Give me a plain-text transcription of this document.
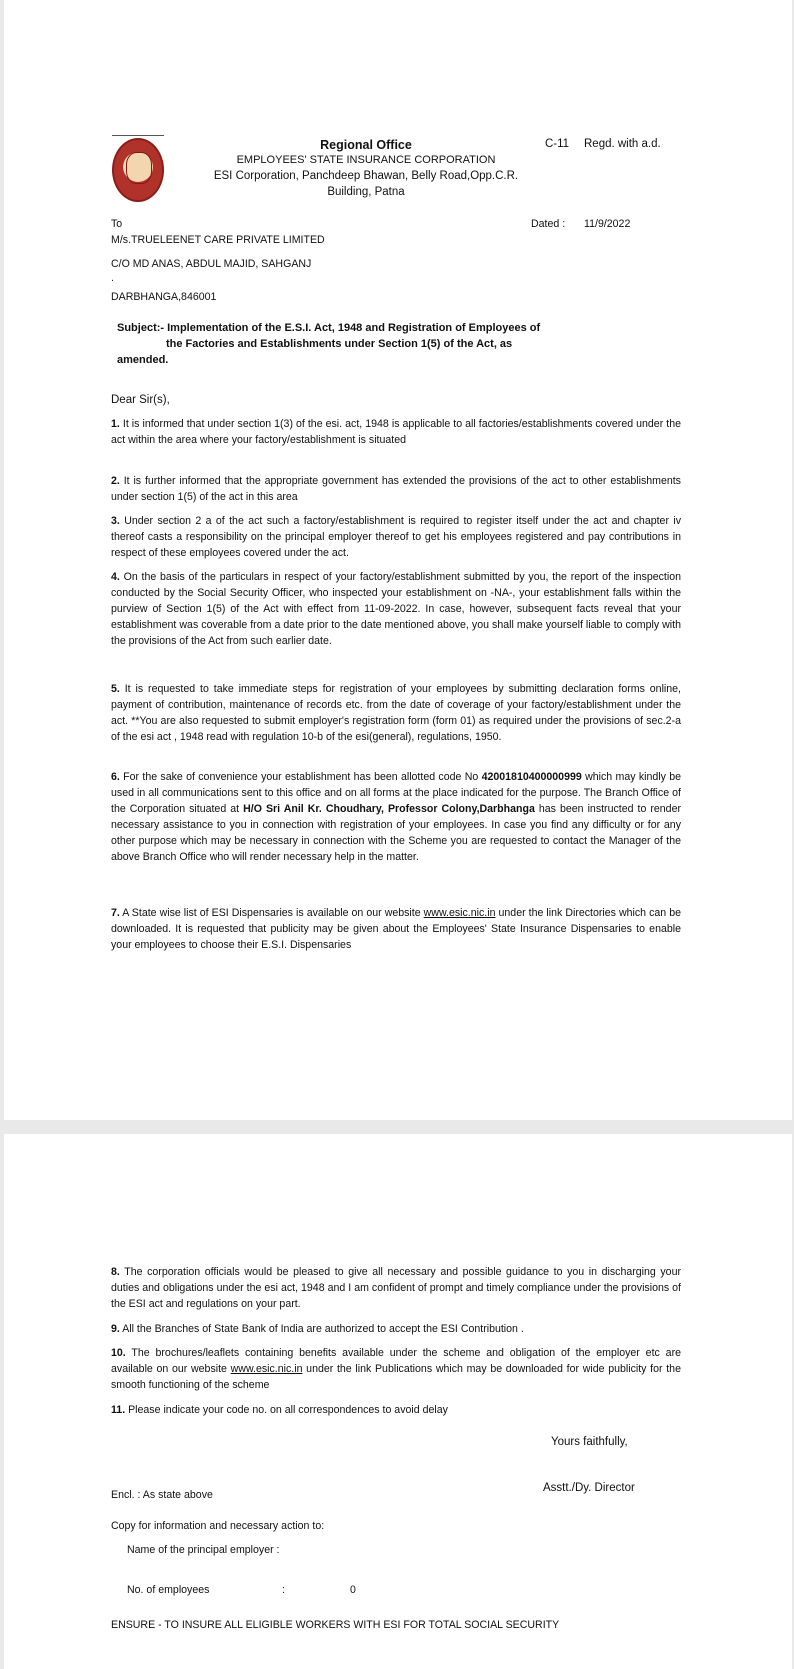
Regional Office
EMPLOYEES' STATE INSURANCE CORPORATION
ESI Corporation, Panchdeep Bhawan, Belly Road,Opp.C.R.
Building, Patna
C-11 Regd. with a.d.
To	Dated : 11/9/2022
M/s.TRUELEENET CARE PRIVATE LIMITED
C/O MD ANAS, ABDUL MAJID, SAHGANJ
.
DARBHANGA,846001
Subject:- Implementation of the E.S.I. Act, 1948 and Registration of Employees of
the Factories and Establishments under Section 1(5) of the Act, as
amended.
Dear Sir(s),
1. It is informed that under section 1(3) of the esi. act, 1948 is applicable to all factories/establishments covered under the act within the area where your factory/establishment is situated
2. It is further informed that the appropriate government has extended the provisions of the act to other establishments under section 1(5) of the act in this area
3. Under section 2 a of the act such a factory/establishment is required to register itself under the act and chapter iv thereof casts a responsibility on the principal employer thereof to get his employees registered and pay contributions in respect of these employees covered under the act.
4. On the basis of the particulars in respect of your factory/establishment submitted by you, the report of the inspection conducted by the Social Security Officer, who inspected your establishment on -NA-, your establishment falls within the purview of Section 1(5) of the Act with effect from 11-09-2022. In case, however, subsequent facts reveal that your establishment was coverable from a date prior to the date mentioned above, you shall make yourself liable to comply with the provisions of the Act from such earlier date.
5. It is requested to take immediate steps for registration of your employees by submitting declaration forms online, payment of contribution, maintenance of records etc. from the date of coverage of your factory/establishment under the act. **You are also requested to submit employer's registration form (form 01) as required under the provisions of sec.2-a of the esi act , 1948 read with regulation 10-b of the esi(general), regulations, 1950.
6. For the sake of convenience your establishment has been allotted code No 42001810400000999 which may kindly be used in all communications sent to this office and on all forms at the place indicated for the purpose. The Branch Office of the Corporation situated at H/O Sri Anil Kr. Choudhary, Professor Colony,Darbhanga has been instructed to render necessary assistance to you in connection with registration of your employees. In case you find any difficulty or for any other purpose which may be necessary in connection with the Scheme you are requested to contact the Manager of the above Branch Office who will render necessary help in the matter.
7. A State wise list of ESI Dispensaries is available on our website www.esic.nic.in under the link Directories which can be downloaded. It is requested that publicity may be given about the Employees' State Insurance Dispensaries to enable your employees to choose their E.S.I. Dispensaries
8. The corporation officials would be pleased to give all necessary and possible guidance to you in discharging your duties and obligations under the esi act, 1948 and I am confident of prompt and timely compliance under the provisions of the ESI act and regulations on your part.
9. All the Branches of State Bank of India are authorized to accept the ESI Contribution .
10. The brochures/leaflets containing benefits available under the scheme and obligation of the employer etc are available on our website www.esic.nic.in under the link Publications which may be downloaded for wide publicity for the smooth functioning of the scheme
11. Please indicate your code no. on all correspondences to avoid delay
Yours faithfully,
Asstt./Dy. Director
Encl. : As state above
Copy for information and necessary action to:
Name of the principal employer :
No. of employees	:	0
ENSURE - TO INSURE ALL ELIGIBLE WORKERS WITH ESI FOR TOTAL SOCIAL SECURITY
